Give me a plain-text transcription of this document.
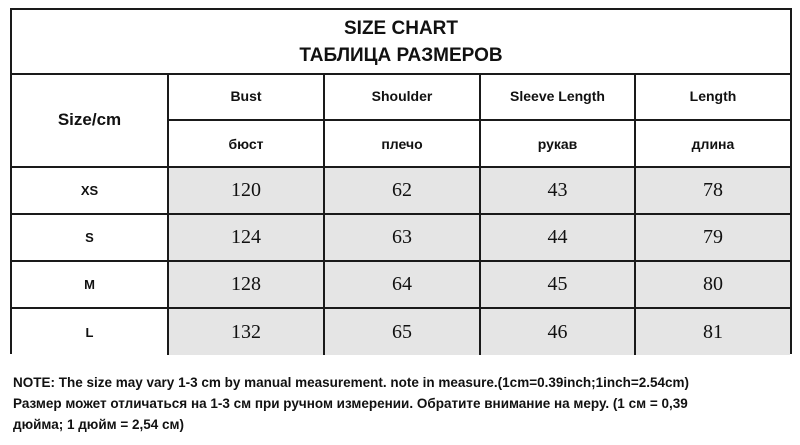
SIZE CHART
ТАБЛИЦА РАЗМЕРОВ
Size/cm	Bust	Shoulder	Sleeve Length	Length
	бюст	плечо	рукав	длина
XS	120	62	43	78
S	124	63	44	79
M	128	64	45	80
L	132	65	46	81
NOTE: The size may vary 1-3 cm by manual measurement. note in measure.(1cm=0.39inch;1inch=2.54cm)
Размер может отличаться на 1-3 см при ручном измерении. Обратите внимание на меру. (1 см = 0,39
дюйма; 1 дюйм = 2,54 см)
